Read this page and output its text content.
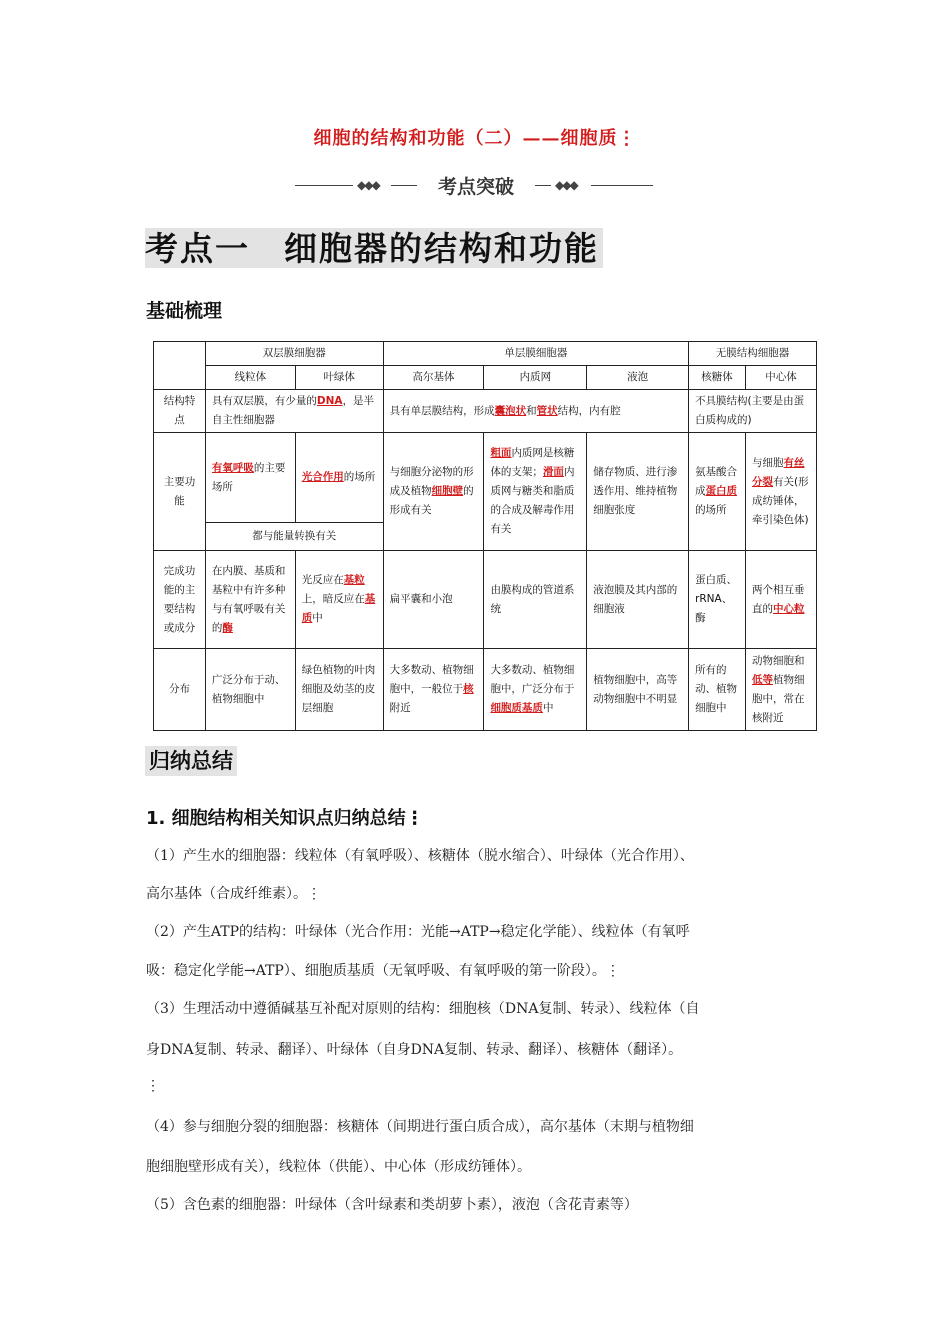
细胞的结构和功能（二）——细胞质⋮
◆◆◆	考点突破	◆◆◆
考点一 细胞器的结构和功能
基础梳理
	双层膜细胞器		单层膜细胞器			无膜结构细胞器	
	线粒体	叶绿体	高尔基体	内质网	液泡	核糖体	中心体
结构特点	具有双层膜，有少量的DNA，是半自主性细胞器		具有单层膜结构，形成囊泡状和管状结构，内有腔			不具膜结构(主要是由蛋白质构成的)	
主要功能	有氧呼吸的主要场所	光合作用的场所	与细胞分泌物的形成及植物细胞壁的形成有关	粗面内质网是核糖体的支架；滑面内质网与糖类和脂质的合成及解毒作用有关	储存物质、进行渗透作用、维持植物细胞张度	氨基酸合成蛋白质的场所	与细胞有丝分裂有关(形成纺锤体，牵引染色体)
	都与能量转换有关						
完成功能的主要结构或成分	在内膜、基质和基粒中有许多种与有氧呼吸有关的酶	光反应在基粒上，暗反应在基质中	扁平囊和小泡	由膜构成的管道系统	液泡膜及其内部的细胞液	蛋白质、rRNA、酶	两个相互垂直的中心粒
分布	广泛分布于动、植物细胞中	绿色植物的叶肉细胞及幼茎的皮层细胞	大多数动、植物细胞中，一般位于核附近	大多数动、植物细胞中，广泛分布于细胞质基质中	植物细胞中，高等动物细胞中不明显	所有的动、植物细胞中	动物细胞和低等植物细胞中，常在核附近
归纳总结
1. 细胞结构相关知识点归纳总结⋮
（1）产生水的细胞器：线粒体（有氧呼吸）、核糖体（脱水缩合）、叶绿体（光合作用）、
高尔基体（合成纤维素）。⋮
（2）产生ATP的结构：叶绿体（光合作用：光能→ATP→稳定化学能）、线粒体（有氧呼
吸：稳定化学能→ATP）、细胞质基质（无氧呼吸、有氧呼吸的第一阶段）。⋮
（3）生理活动中遵循碱基互补配对原则的结构：细胞核（DNA复制、转录）、线粒体（自
身DNA复制、转录、翻译）、叶绿体（自身DNA复制、转录、翻译）、核糖体（翻译）。
⋮
（4）参与细胞分裂的细胞器：核糖体（间期进行蛋白质合成），高尔基体（末期与植物细
胞细胞壁形成有关），线粒体（供能）、中心体（形成纺锤体）。
（5）含色素的细胞器：叶绿体（含叶绿素和类胡萝卜素），液泡（含花青素等）
